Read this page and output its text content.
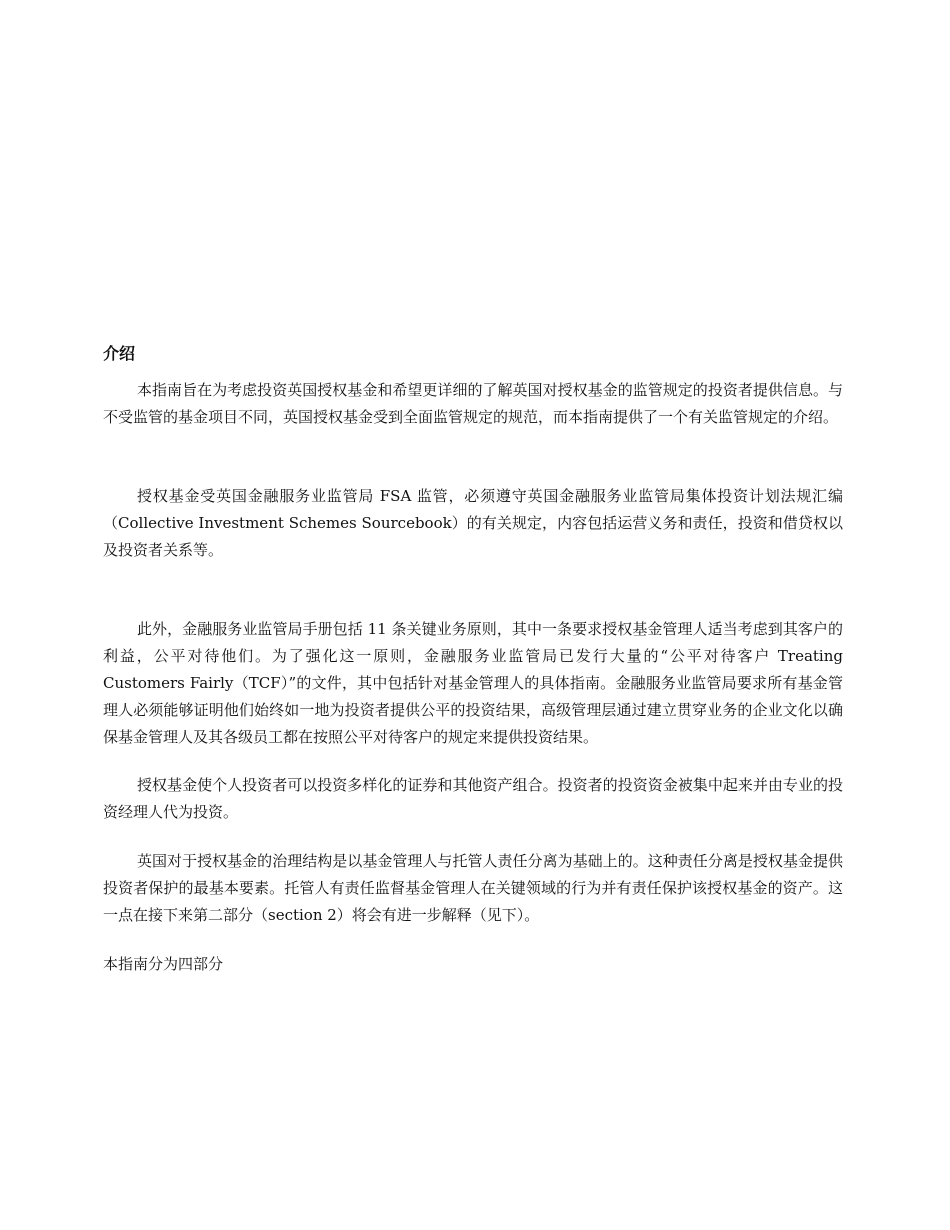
介绍

本指南旨在为考虑投资英国授权基金和希望更详细的了解英国对授权基金的监管规定的投资者提供信息。与不受监管的基金项目不同，英国授权基金受到全面监管规定的规范，而本指南提供了一个有关监管规定的介绍。

授权基金受英国金融服务业监管局 FSA 监管，必须遵守英国金融服务业监管局集体投资计划法规汇编（Collective Investment Schemes Sourcebook）的有关规定，内容包括运营义务和责任，投资和借贷权以及投资者关系等。

此外，金融服务业监管局手册包括 11 条关键业务原则，其中一条要求授权基金管理人适当考虑到其客户的利益，公平对待他们。为了强化这一原则，金融服务业监管局已发行大量的“公平对待客户 Treating Customers Fairly（TCF）”的文件，其中包括针对基金管理人的具体指南。金融服务业监管局要求所有基金管理人必须能够证明他们始终如一地为投资者提供公平的投资结果，高级管理层通过建立贯穿业务的企业文化以确保基金管理人及其各级员工都在按照公平对待客户的规定来提供投资结果。

授权基金使个人投资者可以投资多样化的证券和其他资产组合。投资者的投资资金被集中起来并由专业的投资经理人代为投资。

英国对于授权基金的治理结构是以基金管理人与托管人责任分离为基础上的。这种责任分离是授权基金提供投资者保护的最基本要素。托管人有责任监督基金管理人在关键领域的行为并有责任保护该授权基金的资产。这一点在接下来第二部分（section 2）将会有进一步解释（见下）。

本指南分为四部分
